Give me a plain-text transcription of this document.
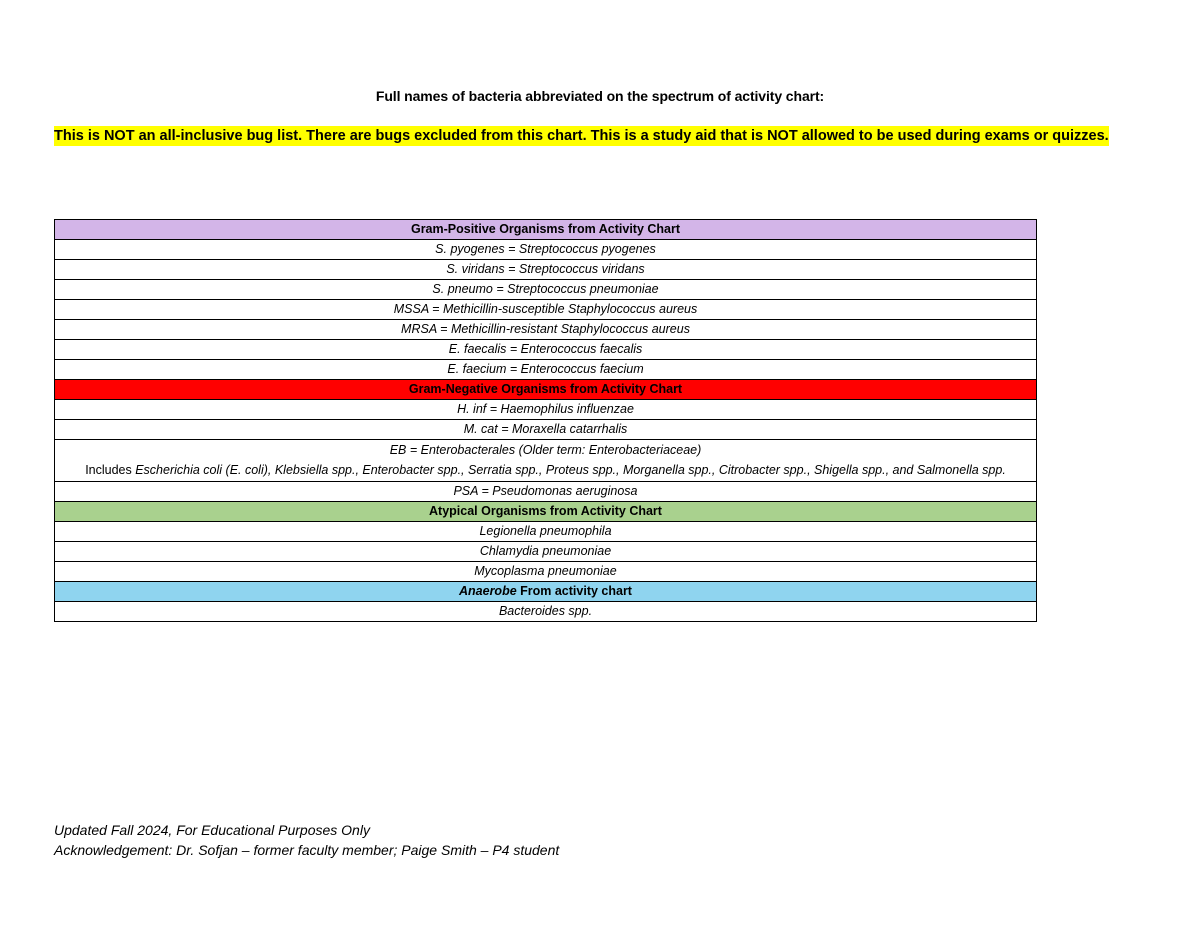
Full names of bacteria abbreviated on the spectrum of activity chart:
This is NOT an all-inclusive bug list. There are bugs excluded from this chart. This is a study aid that is NOT allowed to be used during exams or quizzes.
Gram-Positive Organisms from Activity Chart
S. pyogenes = Streptococcus pyogenes
S. viridans = Streptococcus viridans
S. pneumo = Streptococcus pneumoniae
MSSA = Methicillin-susceptible Staphylococcus aureus
MRSA = Methicillin-resistant Staphylococcus aureus
E. faecalis = Enterococcus faecalis
E. faecium = Enterococcus faecium
Gram-Negative Organisms from Activity Chart
H. inf = Haemophilus influenzae
M. cat = Moraxella catarrhalis

EB = Enterobacterales (Older term: Enterobacteriaceae)
Includes Escherichia coli (E. coli), Klebsiella spp., Enterobacter spp., Serratia spp., Proteus spp., Morganella spp., Citrobacter spp., Shigella spp., and Salmonella spp.

PSA = Pseudomonas aeruginosa
Atypical Organisms from Activity Chart
Legionella pneumophila
Chlamydia pneumoniae
Mycoplasma pneumoniae
Anaerobe From activity chart
Bacteroides spp.
Updated Fall 2024, For Educational Purposes Only
Acknowledgement: Dr. Sofjan – former faculty member; Paige Smith – P4 student
